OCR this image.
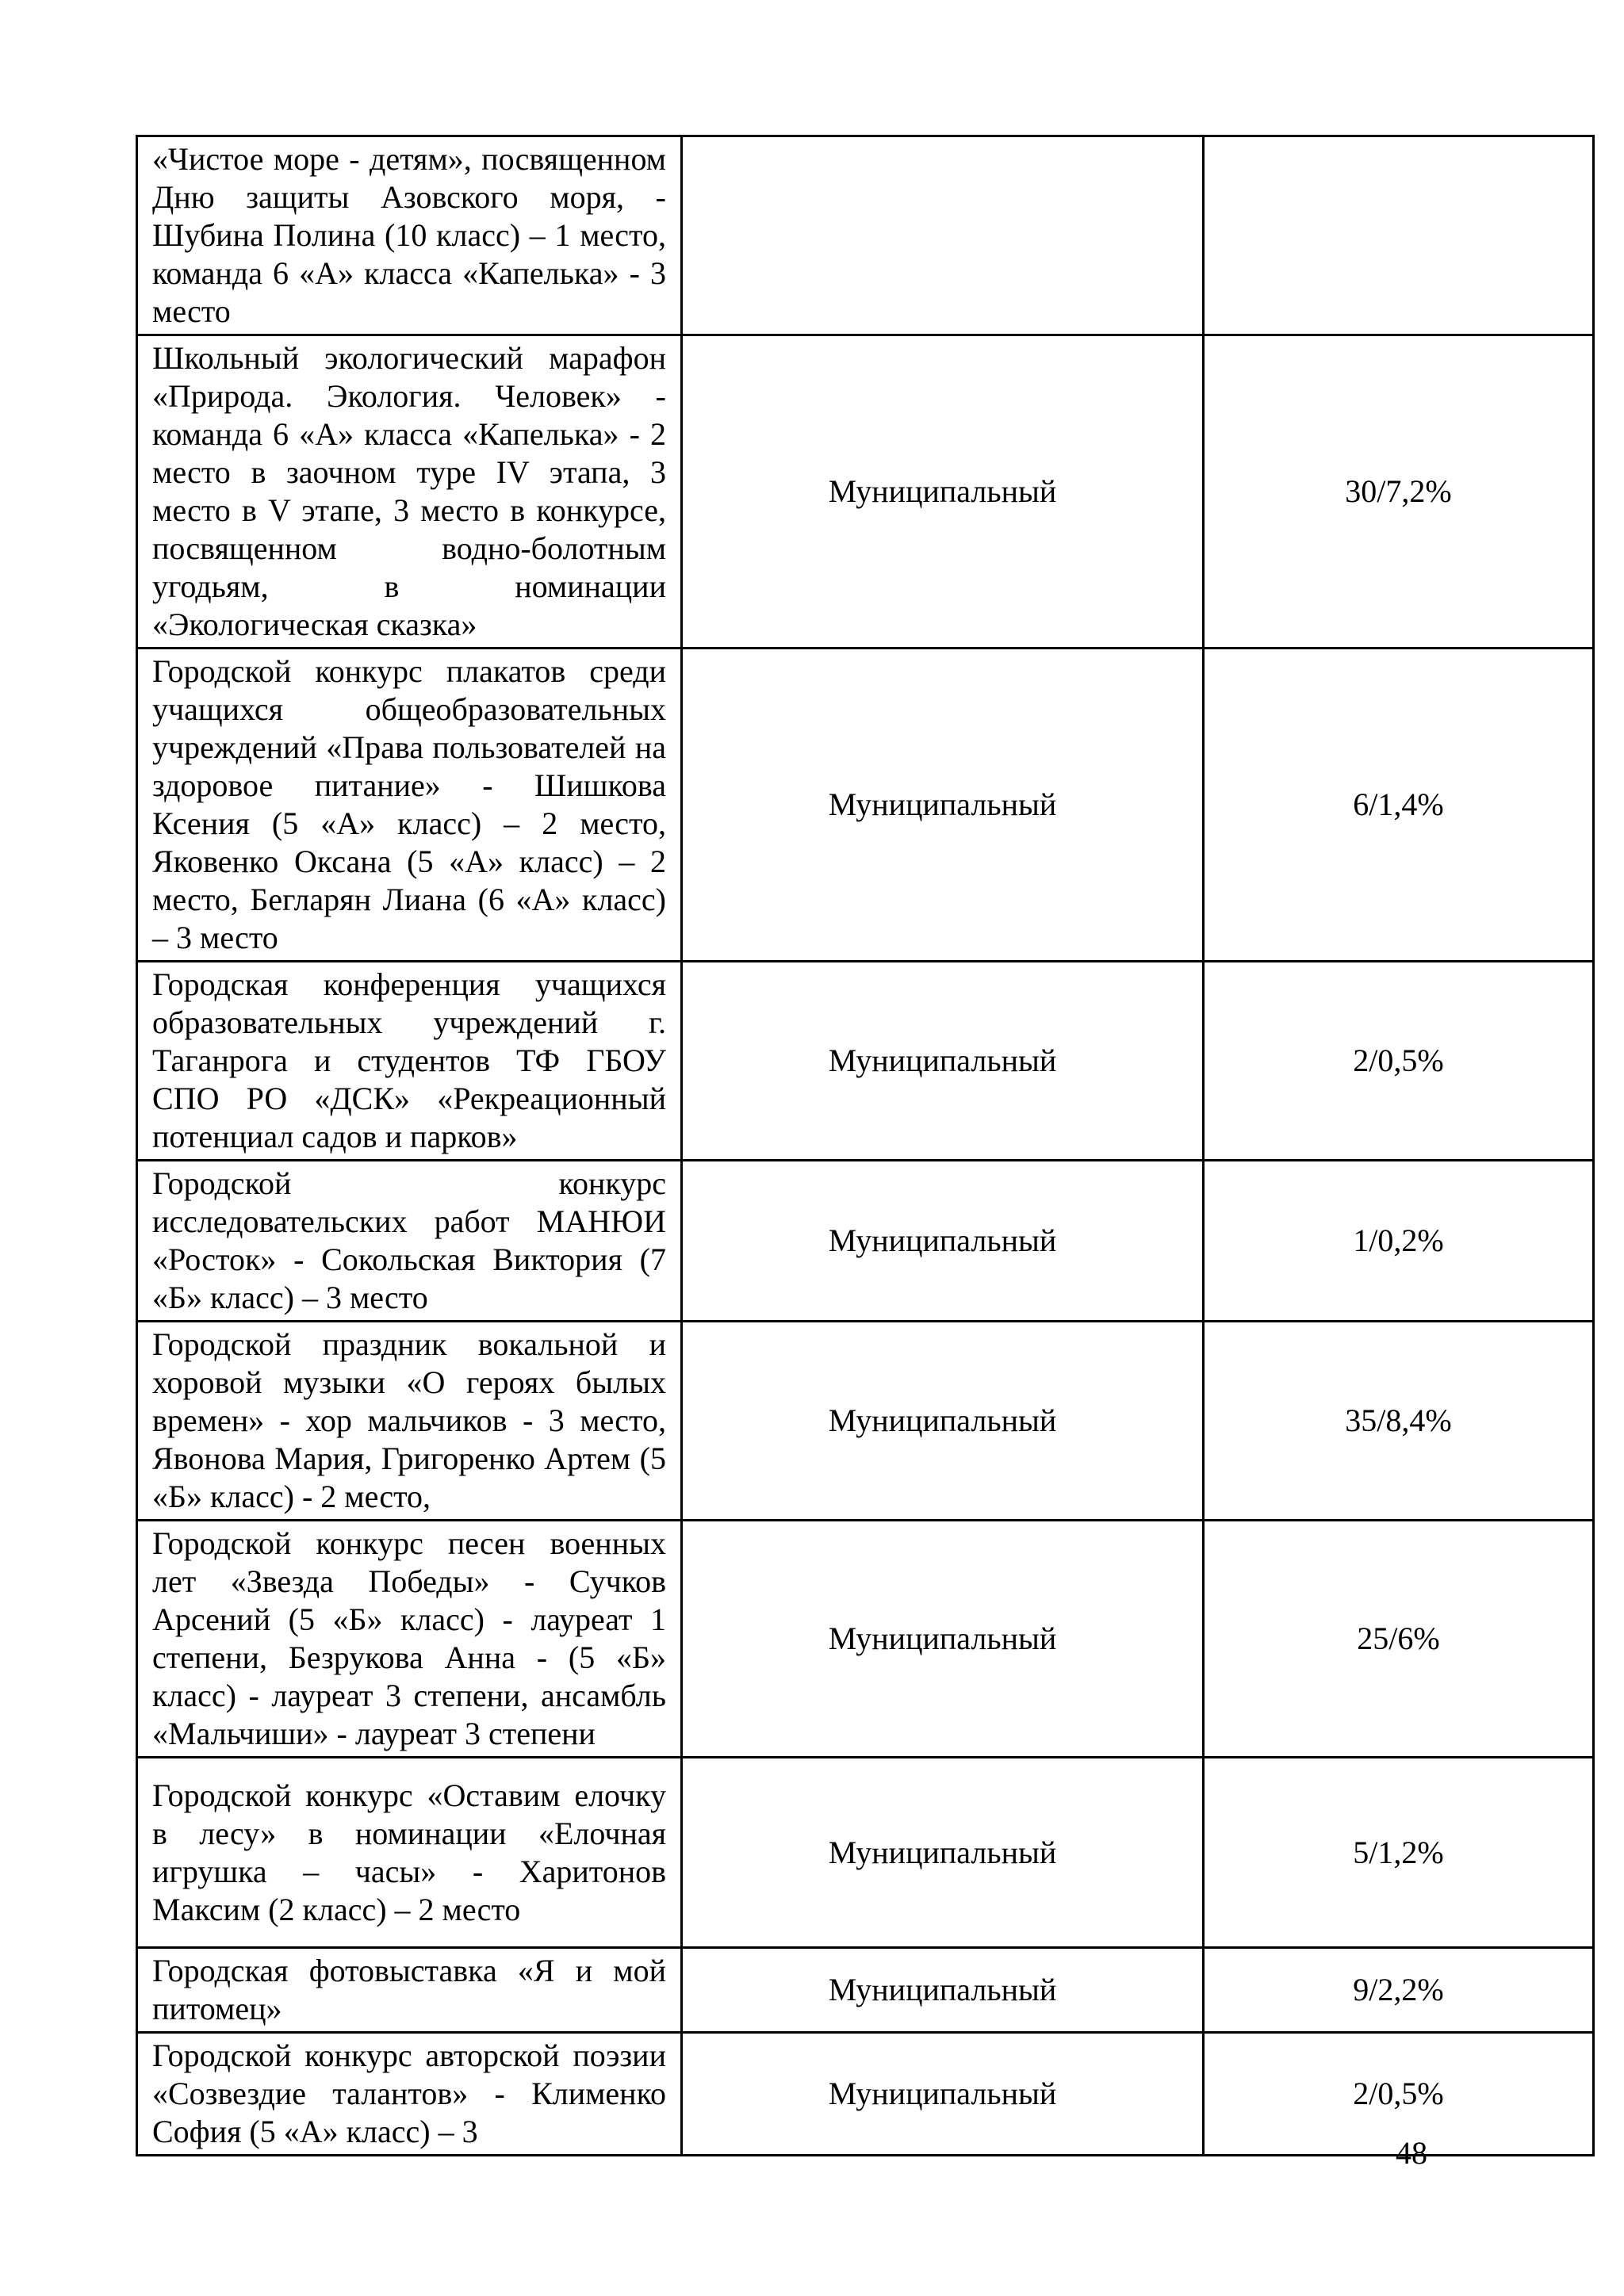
«Чистое море - детям», посвященном Дню защиты Азовского моря, - Шубина Полина (10 класс) – 1 место, команда 6 «А» класса «Капелька» - 3 место		
Школьный экологический марафон «Природа. Экология. Человек» - команда 6 «А» класса «Капелька» - 2 место в заочном туре IV этапа, 3 место в V этапе, 3 место в конкурсе, посвященном водно-болотным угодьям, в номинации «Экологическая сказка»	Муниципальный	30/7,2%
Городской конкурс плакатов среди учащихся общеобразовательных учреждений «Права пользователей на здоровое питание» - Шишкова Ксения (5 «А» класс) – 2 место, Яковенко Оксана (5 «А» класс) – 2 место, Бегларян Лиана (6 «А» класс) – 3 место	Муниципальный	6/1,4%
Городская конференция учащихся образовательных учреждений г. Таганрога и студентов ТФ ГБОУ СПО РО «ДСК» «Рекреационный потенциал садов и парков»	Муниципальный	2/0,5%
Городской конкурс исследовательских работ МАНЮИ «Росток» - Сокольская Виктория (7 «Б» класс) – 3 место	Муниципальный	1/0,2%
Городской праздник вокальной и хоровой музыки «О героях былых времен» - хор мальчиков - 3 место, Явонова Мария, Григоренко Артем (5 «Б» класс) - 2 место,	Муниципальный	35/8,4%
Городской конкурс песен военных лет «Звезда Победы» - Сучков Арсений (5 «Б» класс) - лауреат 1 степени, Безрукова Анна - (5 «Б» класс) - лауреат 3 степени, ансамбль «Мальчиши» - лауреат 3 степени	Муниципальный	25/6%
Городской конкурс «Оставим елочку в лесу» в номинации «Елочная игрушка – часы» - Харитонов Максим (2 класс) – 2 место	Муниципальный	5/1,2%
Городская фотовыставка «Я и мой питомец»	Муниципальный	9/2,2%
Городской конкурс авторской поэзии «Созвездие талантов» - Клименко София (5 «А» класс) – 3	Муниципальный	2/0,5%
48
